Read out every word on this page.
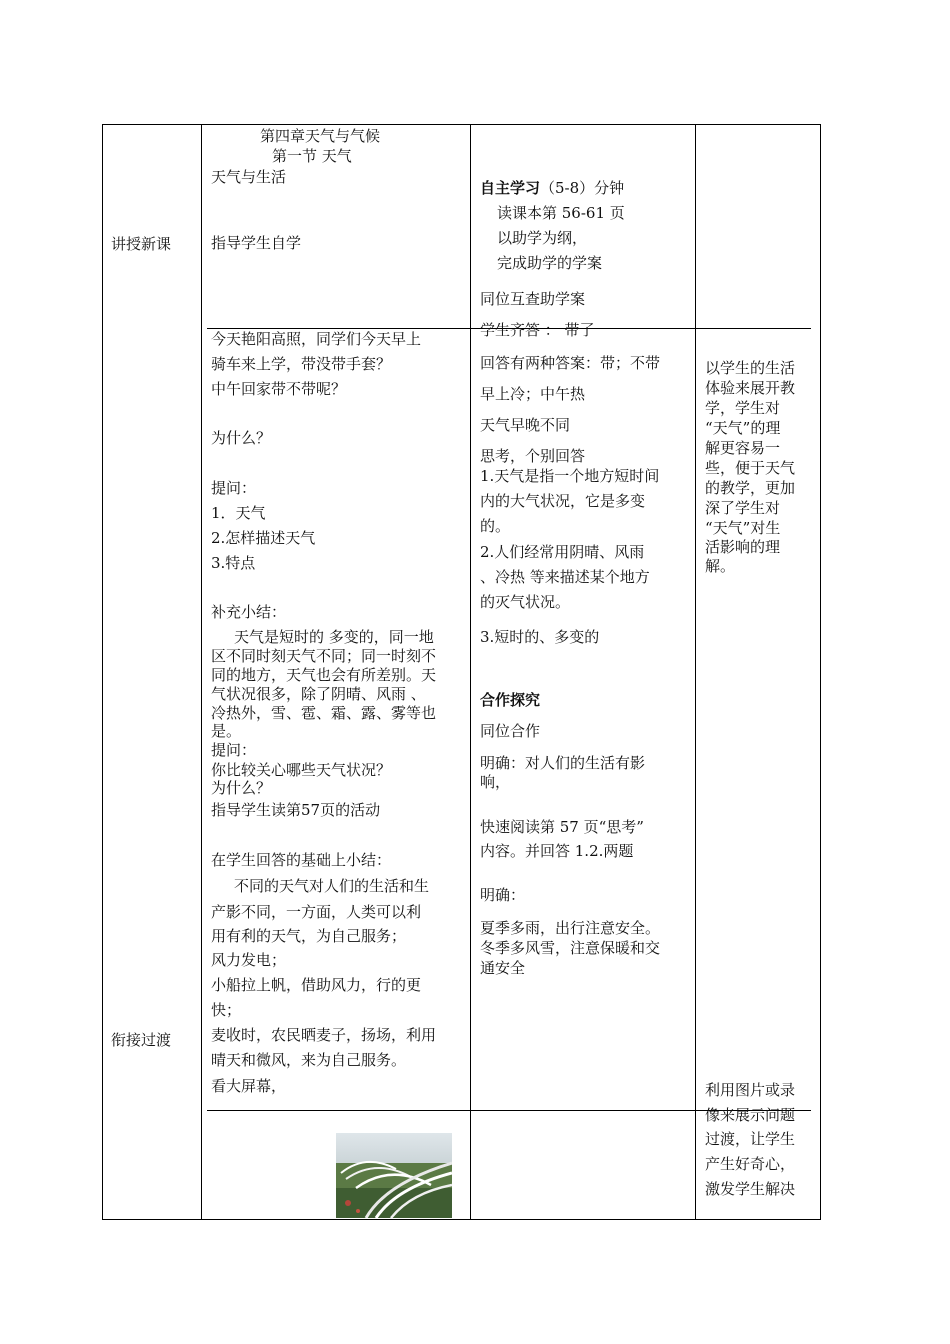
讲授新课
衔接过渡
第四章天气与气候
第一节 天气
天气与生活
指导学生自学
今天艳阳高照，同学们今天早上
骑车来上学，带没带手套？
中午回家带不带呢？
为什么？
提问：
1．天气
2.怎样描述天气
3.特点
补充小结：
天气是短时的 多变的，同一地
区不同时刻天气不同；同一时刻不
同的地方，天气也会有所差别。天
气状况很多，除了阴晴、风雨 、
冷热外，雪、雹、霜、露、雾等也
是。
提问：
你比较关心哪些天气状况？
为什么？
指导学生读第57页的活动
在学生回答的基础上小结：
不同的天气对人们的生活和生
产影不同，一方面，人类可以利
用有利的天气，为自己服务；
风力发电；
小船拉上帆，借助风力，行的更
快；
麦收时，农民晒麦子，扬场，利用
晴天和微风，来为自己服务。
看大屏幕，
自主学习（5-8）分钟
读课本第 56-61 页
以助学为纲，
完成助学的学案
同位互查助学案
学生齐答 ： 带了
回答有两种答案：带；不带
早上冷；中午热
天气早晚不同
思考，个别回答
1.天气是指一个地方短时间
内的大气状况，它是多变
的。
2.人们经常用阴晴、风雨
、冷热 等来描述某个地方
的灭气状况。
3.短时的、多变的
合作探究
同位合作
明确：对人们的生活有影
响，
快速阅读第 57 页“思考”
内容。并回答 1.2.两题
明确：
夏季多雨，出行注意安全。
冬季多风雪，注意保暖和交
通安全
以学生的生活
体验来展开教
学，学生对
“天气”的理
解更容易一
些，便于天气
的教学，更加
深了学生对
“天气”对生
活影响的理
解。
利用图片或录
像来展示问题
过渡，让学生
产生好奇心，
激发学生解决
